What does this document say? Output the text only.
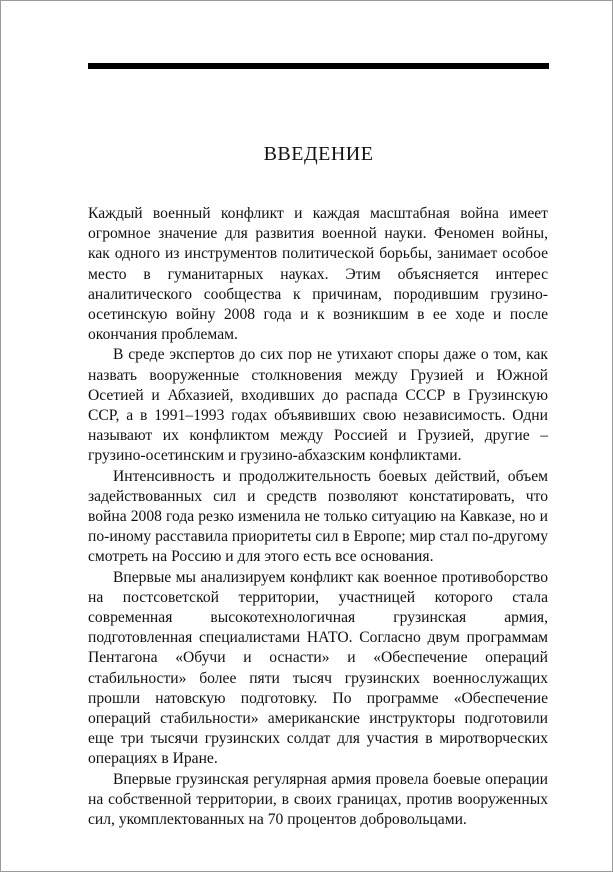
ВВЕДЕНИЕ

Каждый военный конфликт и каждая масштабная война имеет огромное значение для развития военной науки. Феномен войны, как одного из инструментов политической борьбы, занимает особое место в гуманитарных науках. Этим объясняется интерес аналитического сообщества к причинам, породившим грузино-осетинскую войну 2008 года и к возникшим в ее ходе и после окончания проблемам.

В среде экспертов до сих пор не утихают споры даже о том, как назвать вооруженные столкновения между Грузией и Южной Осетией и Абхазией, входивших до распада СССР в Грузинскую ССР, а в 1991–1993 годах объявивших свою независимость. Одни называют их конфликтом между Россией и Грузией, другие – грузино-осетинским и грузино-абхазским конфликтами.

Интенсивность и продолжительность боевых действий, объем задействованных сил и средств позволяют констатировать, что война 2008 года резко изменила не только ситуацию на Кавказе, но и по-иному расставила приоритеты сил в Европе; мир стал по-другому смотреть на Россию и для этого есть все основания.

Впервые мы анализируем конфликт как военное противоборство на постсоветской территории, участницей которого стала современная высокотехнологичная грузинская армия, подготовленная специалистами НАТО. Согласно двум программам Пентагона «Обучи и оснасти» и «Обеспечение операций стабильности» более пяти тысяч грузинских военнослужащих прошли натовскую подготовку. По программе «Обеспечение операций стабильности» американские инструкторы подготовили еще три тысячи грузинских солдат для участия в миротворческих операциях в Иране.

Впервые грузинская регулярная армия провела боевые операции на собственной территории, в своих границах, против вооруженных сил, укомплектованных на 70 процентов добровольцами.
